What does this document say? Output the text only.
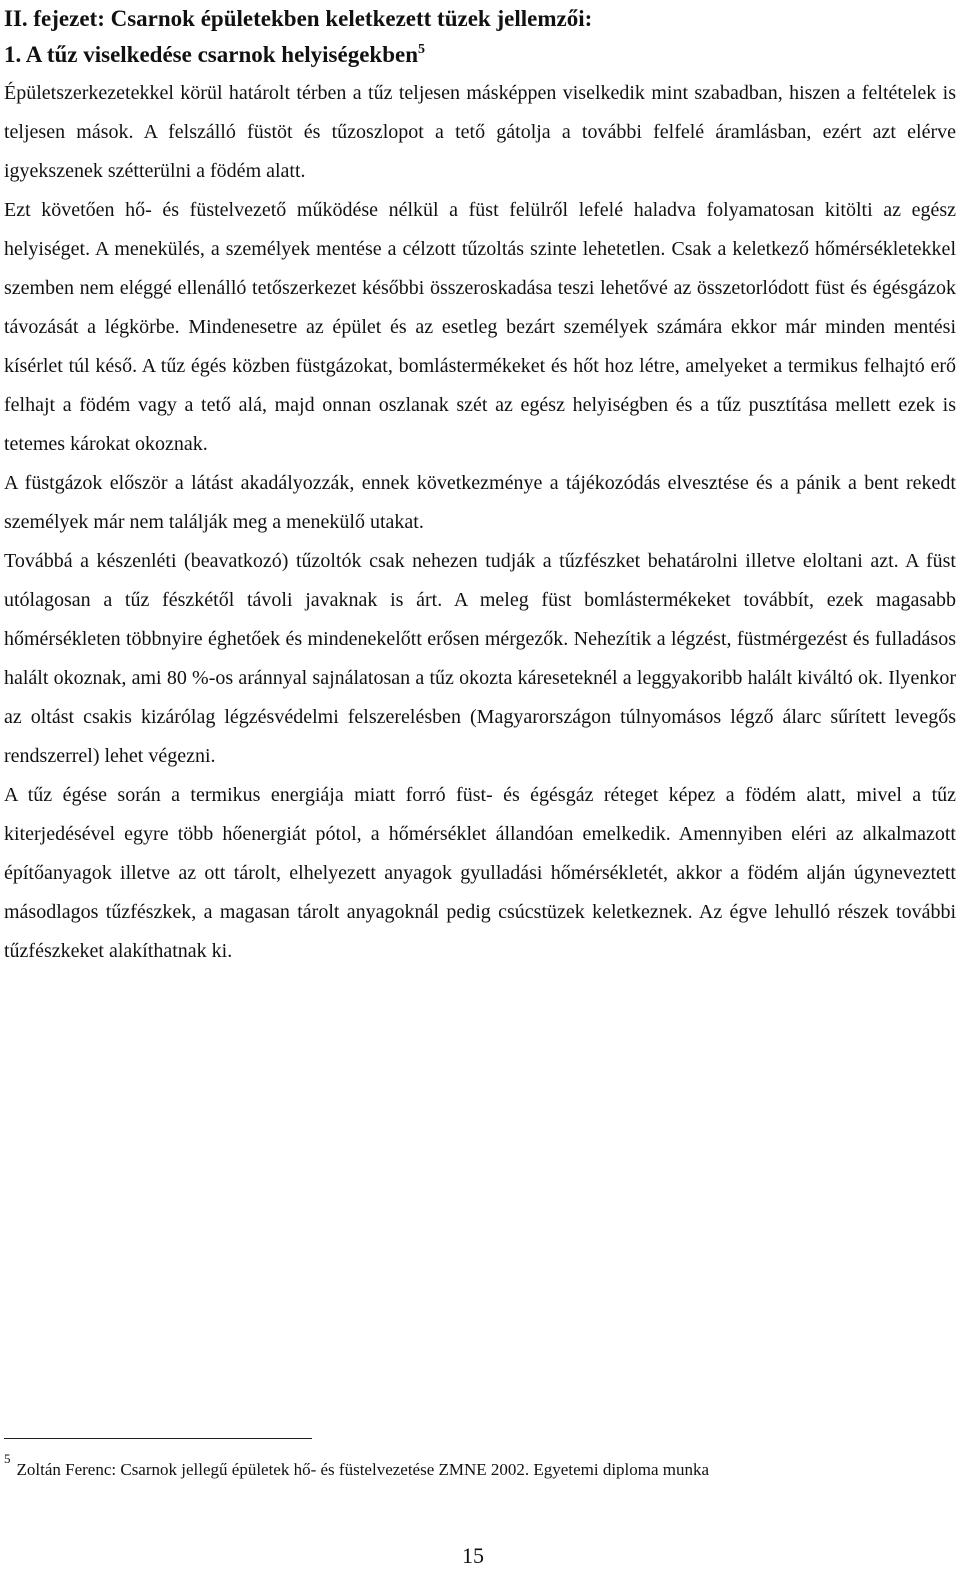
II. fejezet: Csarnok épületekben keletkezett tüzek jellemzői:
1. A tűz viselkedése csarnok helyiségekben$^5$

Épületszerkezetekkel körül határolt térben a tűz teljesen másképpen viselkedik mint szabadban, hiszen a feltételek is teljesen mások. A felszálló füstöt és tűzoszlopot a tető gátolja a további felfelé áramlásban, ezért azt elérve igyekszenek szétterülni a födém alatt.

Ezt követően hő- és füstelvezető működése nélkül a füst felülről lefelé haladva folyamatosan kitölti az egész helyiséget. A menekülés, a személyek mentése a célzott tűzoltás szinte lehetetlen. Csak a keletkező hőmérsékletekkel szemben nem eléggé ellenálló tetőszerkezet későbbi összeroskadása teszi lehetővé az összetorlódott füst és égésgázok távozását a légkörbe. Mindenesetre az épület és az esetleg bezárt személyek számára ekkor már minden mentési kísérlet túl késő. A tűz égés közben füstgázokat, bomlástermékeket és hőt hoz létre, amelyeket a termikus felhajtó erő felhajt a födém vagy a tető alá, majd onnan oszlanak szét az egész helyiségben és a tűz pusztítása mellett ezek is tetemes károkat okoznak.

A füstgázok először a látást akadályozzák, ennek következménye a tájékozódás elvesztése és a pánik a bent rekedt személyek már nem találják meg a menekülő utakat.

Továbbá a készenléti (beavatkozó) tűzoltók csak nehezen tudják a tűzfészket behatárolni illetve eloltani azt. A füst utólagosan a tűz fészkétől távoli javaknak is árt. A meleg füst bomlástermékeket továbbít, ezek magasabb hőmérsékleten többnyire éghetőek és mindenekelőtt erősen mérgezők. Nehezítik a légzést, füstmérgezést és fulladásos halált okoznak, ami 80 %-os aránnyal sajnálatosan a tűz okozta káreseteknél a leggyakoribb halált kiváltó ok. Ilyenkor az oltást csakis kizárólag légzésvédelmi felszerelésben (Magyarországon túlnyomásos légző álarc sűrített levegős rendszerrel) lehet végezni.

A tűz égése során a termikus energiája miatt forró füst- és égésgáz réteget képez a födém alatt, mivel a tűz kiterjedésével egyre több hőenergiát pótol, a hőmérséklet állandóan emelkedik. Amennyiben eléri az alkalmazott építőanyagok illetve az ott tárolt, elhelyezett anyagok gyulladási hőmérsékletét, akkor a födém alján úgyneveztett másodlagos tűzfészkek, a magasan tárolt anyagoknál pedig csúcstüzek keletkeznek. Az égve lehulló részek további tűzfészkeket alakíthatnak ki.

$^5$Zoltán Ferenc: Csarnok jellegű épületek hő- és füstelvezetése ZMNE 2002. Egyetemi diploma munka
15
